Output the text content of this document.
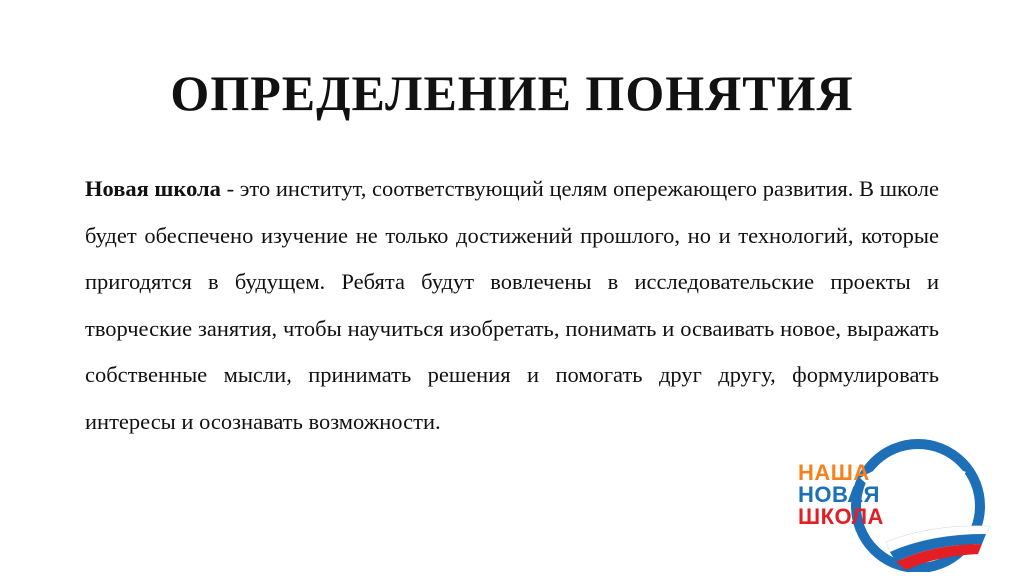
ОПРЕДЕЛЕНИЕ ПОНЯТИЯ

Новая школа - это институт, соответствующий целям опережающего развития. В школе будет обеспечено изучение не только достижений прошлого, но и технологий, которые пригодятся в будущем. Ребята будут вовлечены в исследовательские проекты и творческие занятия, чтобы научиться изобретать, понимать и осваивать новое, выражать собственные мысли, принимать решения и помогать друг другу, формулировать интересы и осознавать возможности.

НАША
НОВАЯ
ШКОЛА
